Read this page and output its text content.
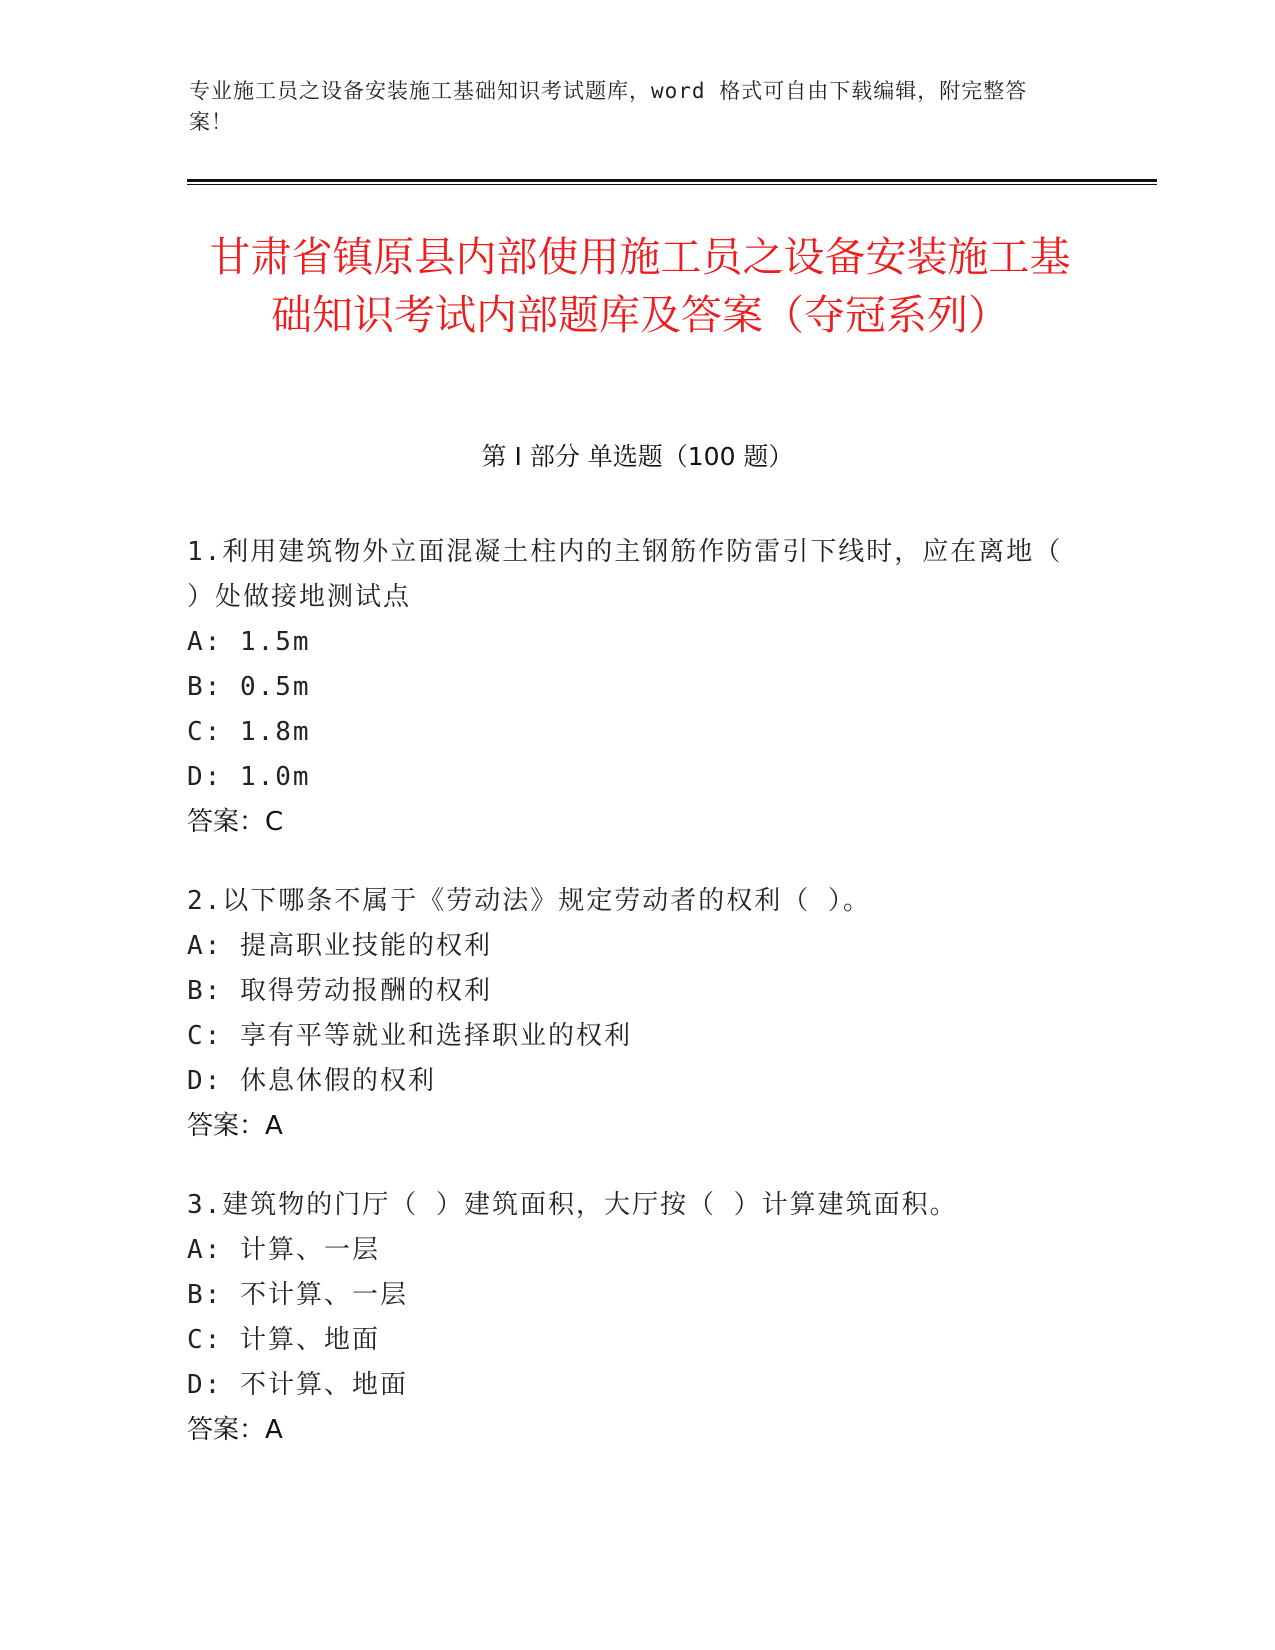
专业施工员之设备安装施工基础知识考试题库，word 格式可自由下载编辑，附完整答案！
甘肃省镇原县内部使用施工员之设备安装施工基础知识考试内部题库及答案（夺冠系列）
第 I 部分 单选题（100 题）
1.利用建筑物外立面混凝土柱内的主钢筋作防雷引下线时，应在离地（ ）处做接地测试点
A: 1.5m
B: 0.5m
C: 1.8m
D: 1.0m
答案：C
2.以下哪条不属于《劳动法》规定劳动者的权利（ ）。
A: 提高职业技能的权利
B: 取得劳动报酬的权利
C: 享有平等就业和选择职业的权利
D: 休息休假的权利
答案：A
3.建筑物的门厅（ ）建筑面积，大厅按（ ）计算建筑面积。
A: 计算、一层
B: 不计算、一层
C: 计算、地面
D: 不计算、地面
答案：A
